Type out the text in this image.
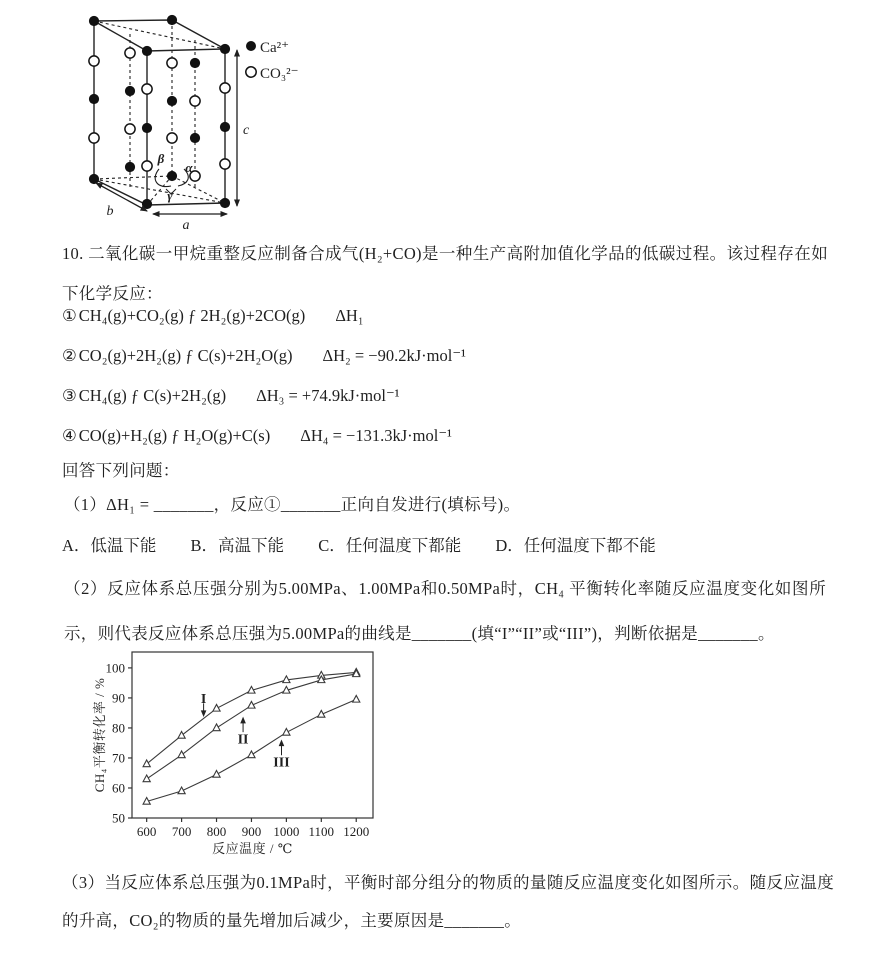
c
a
b
β
α
γ
Ca²⁺
CO₃²⁻
10. 二氧化碳一甲烷重整反应制备合成气(H₂+CO)是一种生产高附加值化学品的低碳过程。该过程存在如下化学反应：
① CH₄(g)+CO₂(g) ƒ 2H₂(g)+2CO(g) ΔH₁
② CO₂(g)+2H₂(g) ƒ C(s)+2H₂O(g) ΔH₂ = −90.2kJ·mol⁻¹
③ CH₄(g) ƒ C(s)+2H₂(g) ΔH₃ = +74.9kJ·mol⁻¹
④ CO(g)+H₂(g) ƒ H₂O(g)+C(s) ΔH₄ = −131.3kJ·mol⁻¹
回答下列问题：
（1）ΔH₁ = _______，反应①_______正向自发进行(填标号)。
A．低温下能 B．高温下能 C．任何温度下都能 D．任何温度下都不能
（2）反应体系总压强分别为5.00MPa、1.00MPa和0.50MPa时，CH₄ 平衡转化率随反应温度变化如图所示，则代表反应体系总压强为5.00MPa的曲线是_______(填“I”“II”或“III”)，判断依据是_______。
600 700 800 900 1000 1100 1200
50
60
70
80
90
100
反应温度 / ℃
CH₄平衡转化率 / %	I
II
III
（3）当反应体系总压强为0.1MPa时，平衡时部分组分的物质的量随反应温度变化如图所示。随反应温度的升高，CO₂的物质的量先增加后减少，主要原因是_______。
